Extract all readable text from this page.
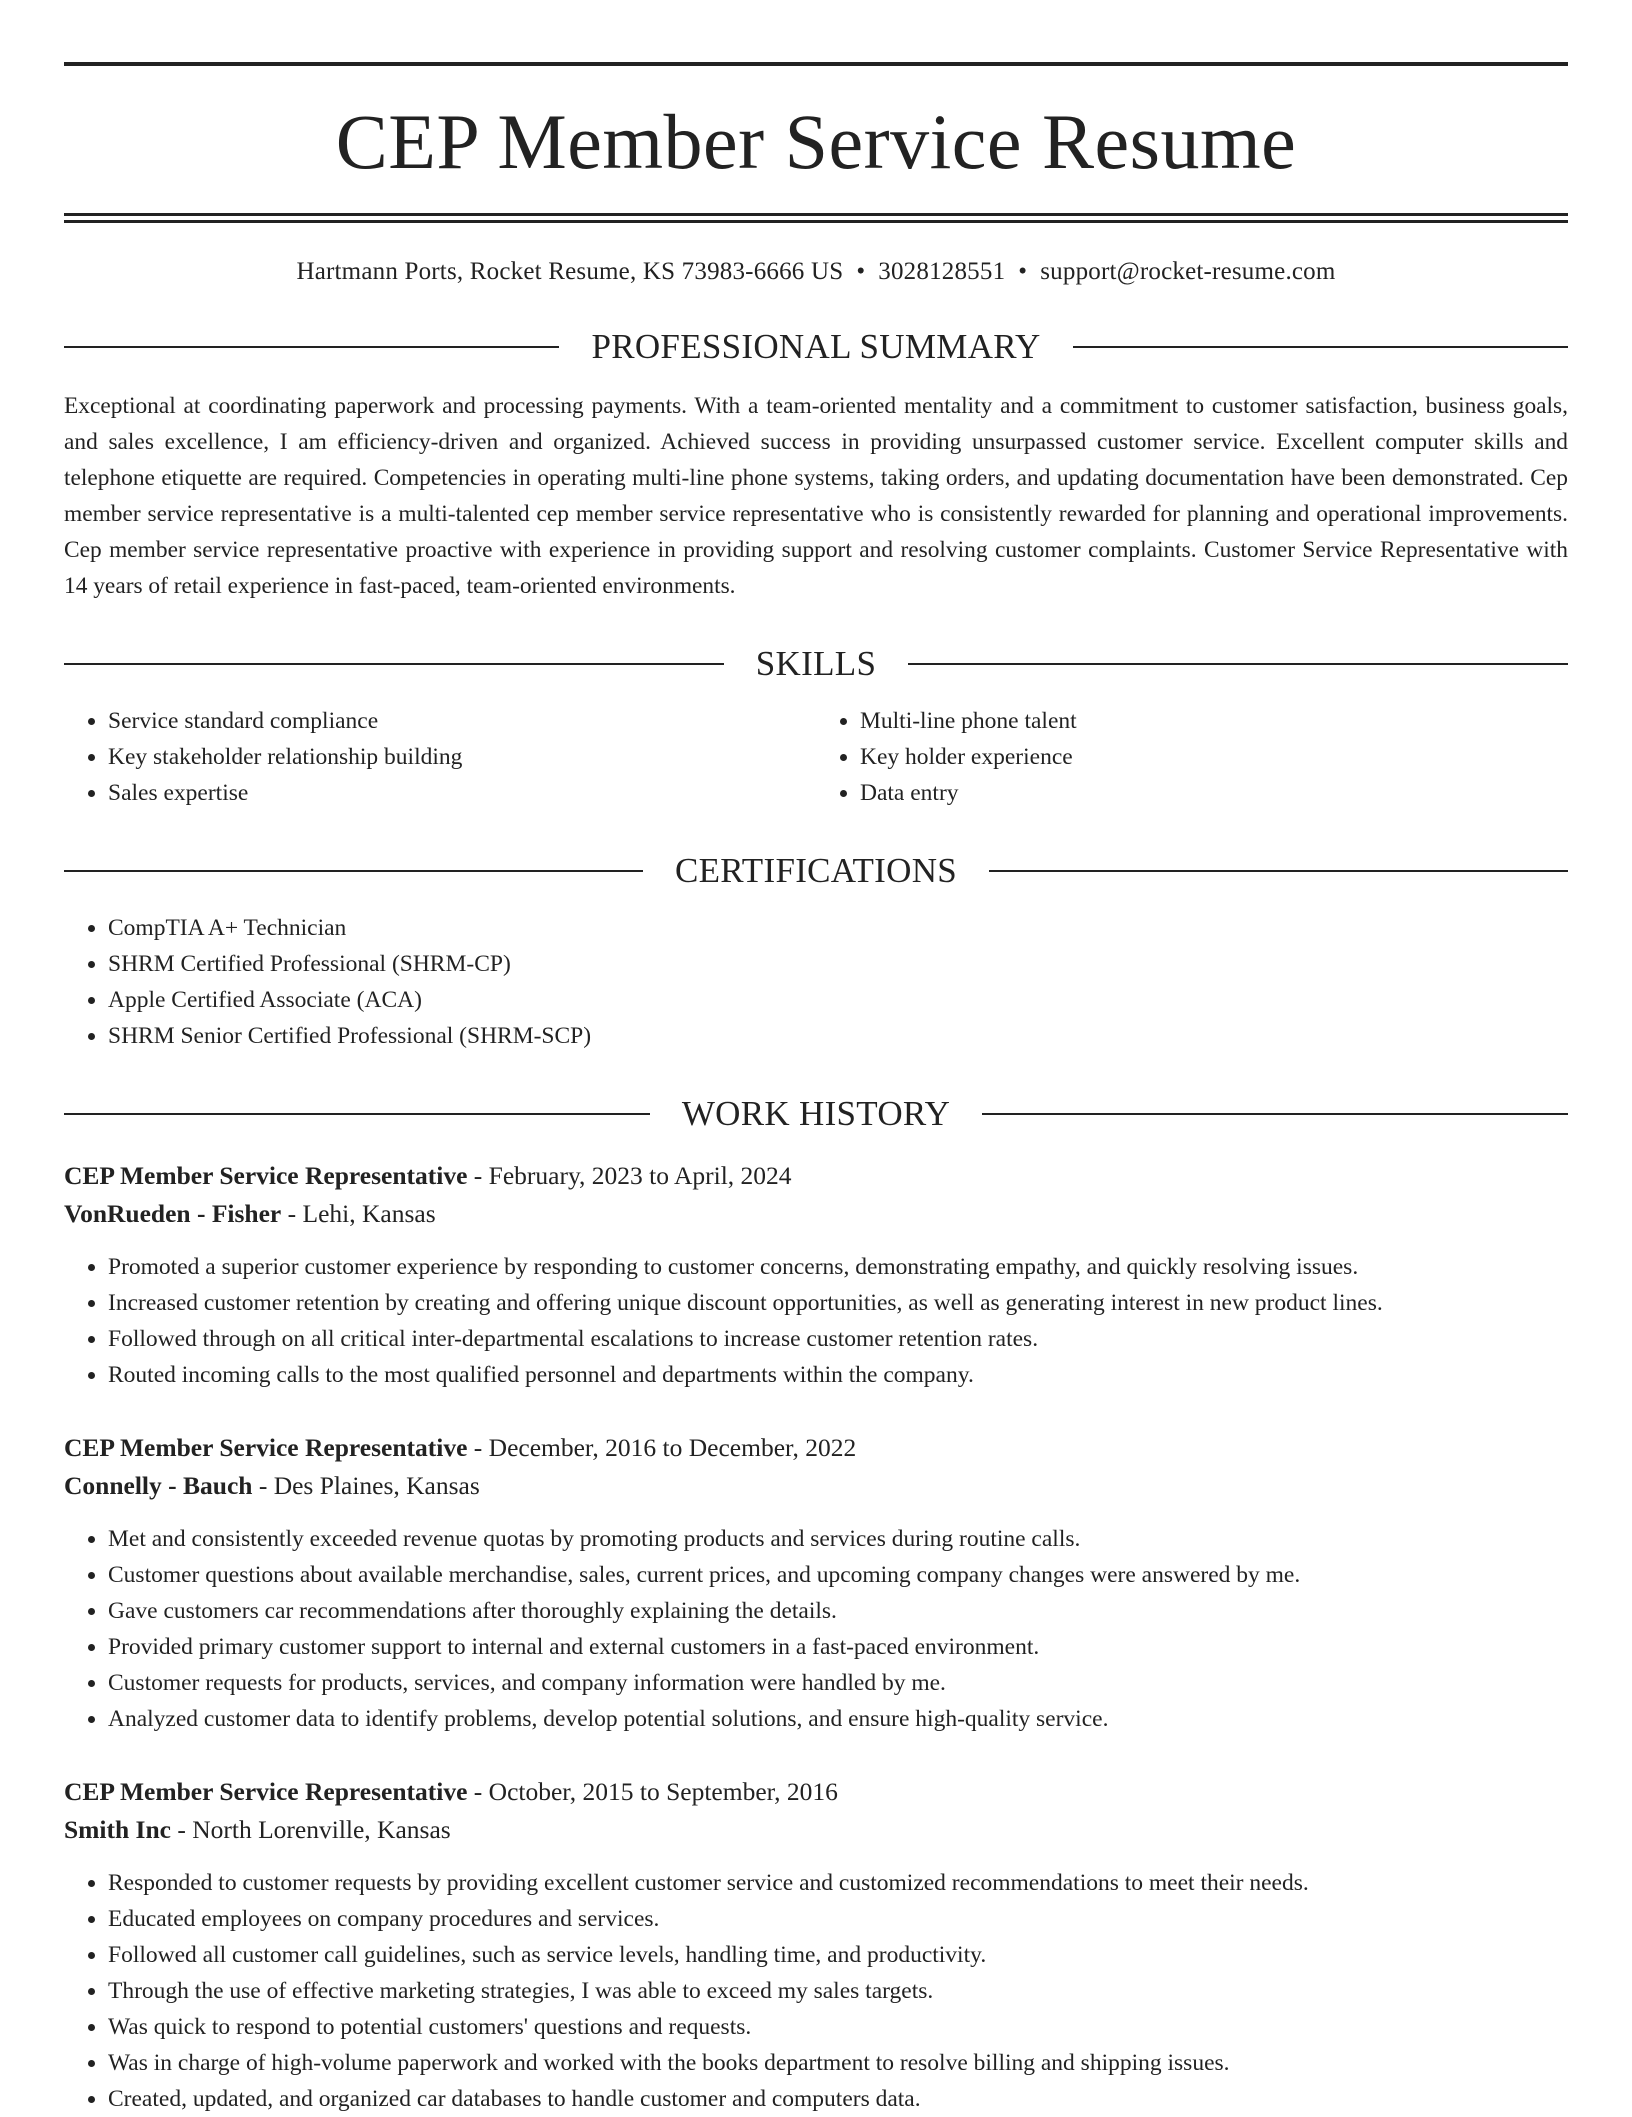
CEP Member Service Resume
Hartmann Ports, Rocket Resume, KS 73983-6666 US • 3028128551 • support@rocket-resume.com
PROFESSIONAL SUMMARY
Exceptional at coordinating paperwork and processing payments. With a team-oriented mentality and a commitment to customer satisfaction, business goals, and sales excellence, I am efficiency-driven and organized. Achieved success in providing unsurpassed customer service. Excellent computer skills and telephone etiquette are required. Competencies in operating multi-line phone systems, taking orders, and updating documentation have been demonstrated. Cep member service representative is a multi-talented cep member service representative who is consistently rewarded for planning and operational improvements. Cep member service representative proactive with experience in providing support and resolving customer complaints. Customer Service Representative with 14 years of retail experience in fast-paced, team-oriented environments.
SKILLS
• Service standard compliance
• Key stakeholder relationship building
• Sales expertise
• Multi-line phone talent
• Key holder experience
• Data entry
CERTIFICATIONS
• CompTIA A+ Technician
• SHRM Certified Professional (SHRM-CP)
• Apple Certified Associate (ACA)
• SHRM Senior Certified Professional (SHRM-SCP)
WORK HISTORY
CEP Member Service Representative - February, 2023 to April, 2024
VonRueden - Fisher - Lehi, Kansas
• Promoted a superior customer experience by responding to customer concerns, demonstrating empathy, and quickly resolving issues.
• Increased customer retention by creating and offering unique discount opportunities, as well as generating interest in new product lines.
• Followed through on all critical inter-departmental escalations to increase customer retention rates.
• Routed incoming calls to the most qualified personnel and departments within the company.
CEP Member Service Representative - December, 2016 to December, 2022
Connelly - Bauch - Des Plaines, Kansas
• Met and consistently exceeded revenue quotas by promoting products and services during routine calls.
• Customer questions about available merchandise, sales, current prices, and upcoming company changes were answered by me.
• Gave customers car recommendations after thoroughly explaining the details.
• Provided primary customer support to internal and external customers in a fast-paced environment.
• Customer requests for products, services, and company information were handled by me.
• Analyzed customer data to identify problems, develop potential solutions, and ensure high-quality service.
CEP Member Service Representative - October, 2015 to September, 2016
Smith Inc - North Lorenville, Kansas
• Responded to customer requests by providing excellent customer service and customized recommendations to meet their needs.
• Educated employees on company procedures and services.
• Followed all customer call guidelines, such as service levels, handling time, and productivity.
• Through the use of effective marketing strategies, I was able to exceed my sales targets.
• Was quick to respond to potential customers' questions and requests.
• Was in charge of high-volume paperwork and worked with the books department to resolve billing and shipping issues.
• Created, updated, and organized car databases to handle customer and computers data.
